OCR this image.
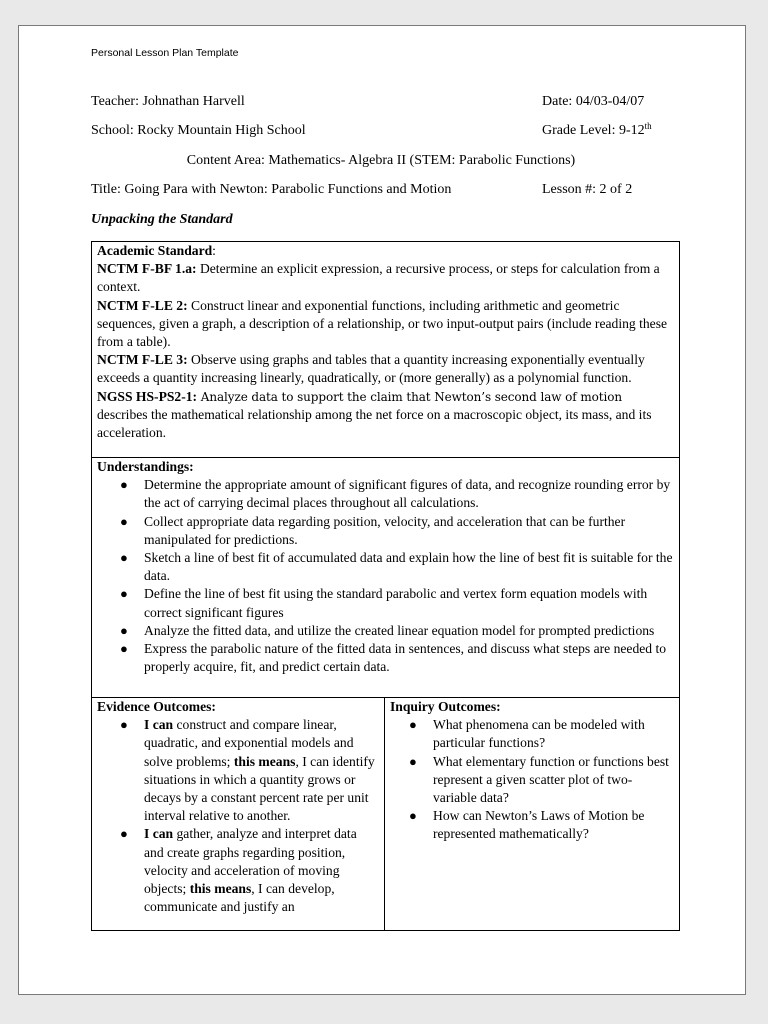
Personal Lesson Plan Template
Teacher: Johnathan Harvell	Date: 04/03-04/07
School: Rocky Mountain High School	Grade Level: 9-12th
Content Area: Mathematics- Algebra II (STEM: Parabolic Functions)
Title: Going Para with Newton: Parabolic Functions and Motion	Lesson #: 2 of 2
Unpacking the Standard
Academic Standard:
NCTM F-BF 1.a: Determine an explicit expression, a recursive process, or steps for calculation from a context.
NCTM F-LE 2: Construct linear and exponential functions, including arithmetic and geometric sequences, given a graph, a description of a relationship, or two input-output pairs (include reading these from a table).
NCTM F-LE 3: Observe using graphs and tables that a quantity increasing exponentially eventually exceeds a quantity increasing linearly, quadratically, or (more generally) as a polynomial function.
NGSS HS-PS2-1: Analyze data to support the claim that Newton’s second law of motion describes the mathematical relationship among the net force on a macroscopic object, its mass, and its acceleration.
Understandings:
● Determine the appropriate amount of significant figures of data, and recognize rounding error by the act of carrying decimal places throughout all calculations.
● Collect appropriate data regarding position, velocity, and acceleration that can be further manipulated for predictions.
● Sketch a line of best fit of accumulated data and explain how the line of best fit is suitable for the data.
● Define the line of best fit using the standard parabolic and vertex form equation models with correct significant figures
● Analyze the fitted data, and utilize the created linear equation model for prompted predictions
● Express the parabolic nature of the fitted data in sentences, and discuss what steps are needed to properly acquire, fit, and predict certain data.
Evidence Outcomes:
● I can construct and compare linear, quadratic, and exponential models and solve problems; this means, I can identify situations in which a quantity grows or decays by a constant percent rate per unit interval relative to another.
● I can gather, analyze and interpret data and create graphs regarding position, velocity and acceleration of moving objects; this means, I can develop, communicate and justify an
Inquiry Outcomes:
● What phenomena can be modeled with particular functions?
● What elementary function or functions best represent a given scatter plot of two-variable data?
● How can Newton’s Laws of Motion be represented mathematically?
